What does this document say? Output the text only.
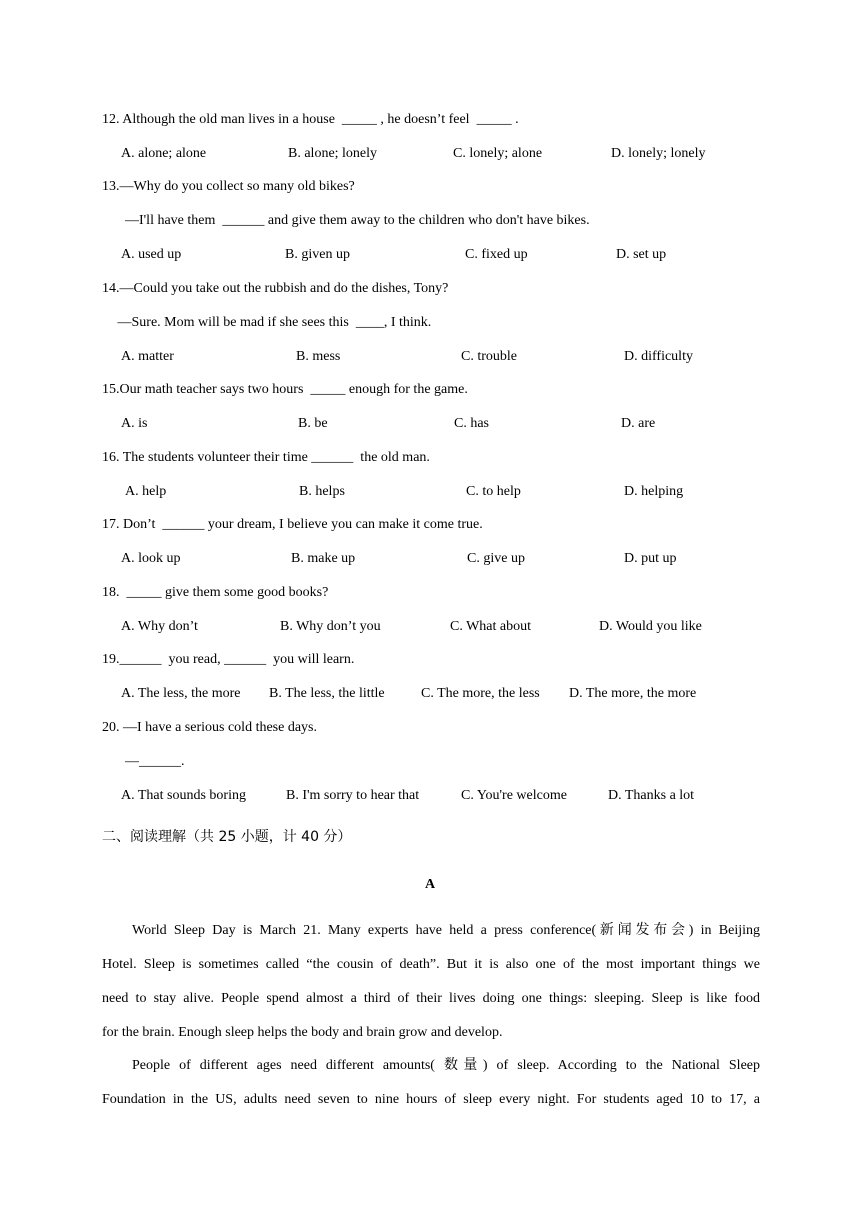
12. Although the old man lives in a house  _____ , he doesn’t feel  _____ .
A. alone; alone	B. alone; lonely	C. lonely; alone	D. lonely; lonely
13.—Why do you collect so many old bikes?
—I'll have them  ______ and give them away to the children who don't have bikes.
A. used up	B. given up	C. fixed up	D. set up
14.—Could you take out the rubbish and do the dishes, Tony?
—Sure. Mom will be mad if she sees this  ____, I think.
A. matter	B. mess	C. trouble	D. difficulty
15.Our math teacher says two hours  _____ enough for the game.
A. is	B. be	C. has	D. are
16. The students volunteer their time ______  the old man.
A. help	B. helps	C. to help	D. helping
17. Don’t  ______ your dream, I believe you can make it come true.
A. look up	B. make up	C. give up	D. put up
18.  _____ give them some good books?
A. Why don’t	B. Why don’t you	C. What about	D. Would you like
19.______  you read, ______  you will learn.
A. The less, the more B. The less, the little	C. The more, the less D. The more, the more
20. —I have a serious cold these days.
—______.
A. That sounds boring	B. I'm sorry to hear that	C. You're welcome	D. Thanks a lot
二、阅读理解（共 25 小题，计 40 分）
A
World Sleep Day is March 21. Many experts have held a press conference(新闻发布会) in Beijing
Hotel. Sleep is sometimes called “the cousin of death”. But it is also one of the most important things we
need to stay alive. People spend almost a third of their lives doing one things: sleeping. Sleep is like food
for the brain. Enough sleep helps the body and brain grow and develop.
People of different ages need different amounts( 数量) of sleep. According to the National Sleep
Foundation in the US, adults need seven to nine hours of sleep every night. For students aged 10 to 17, a
